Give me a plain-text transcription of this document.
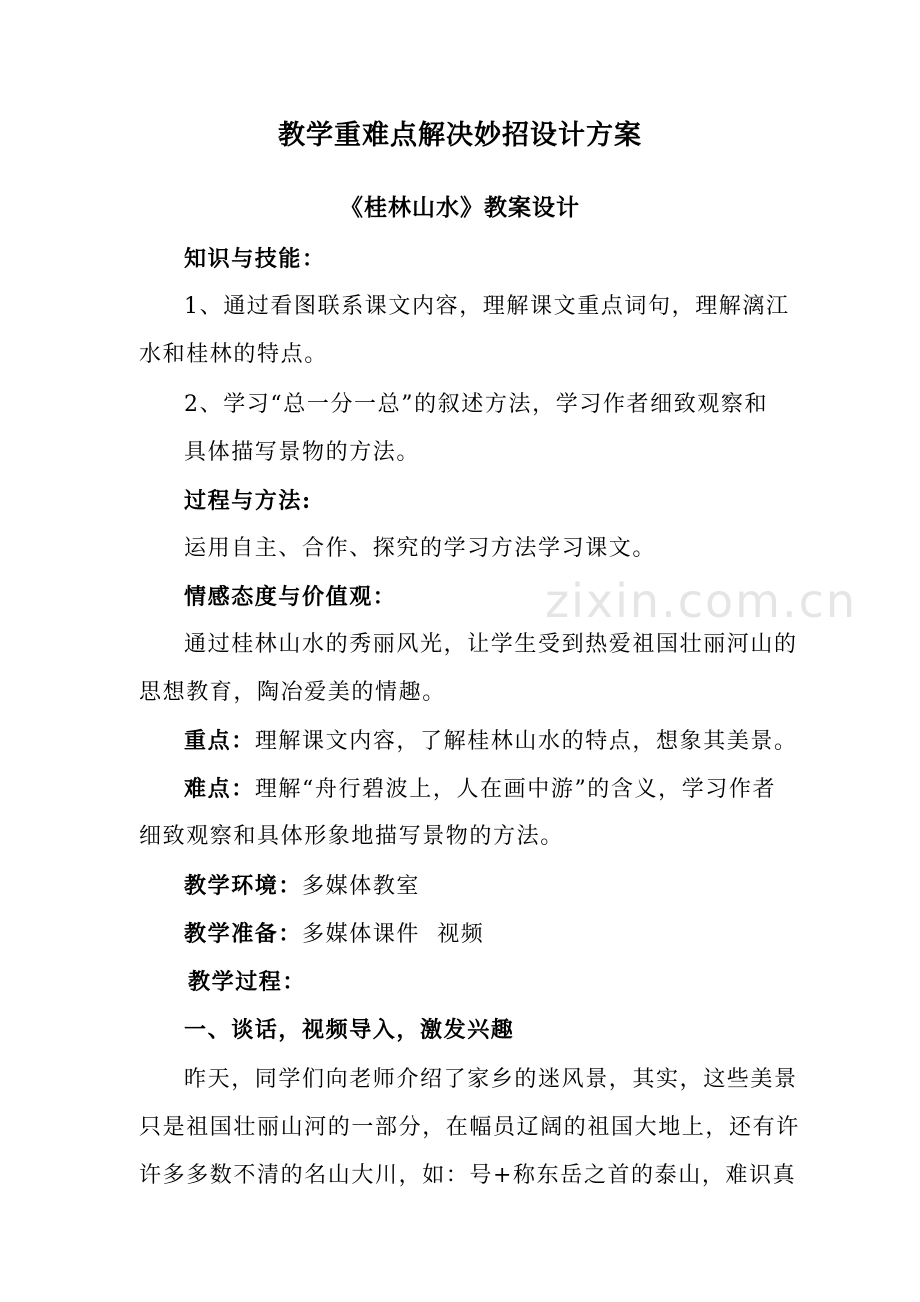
教学重难点解决妙招设计方案
《桂林山水》教案设计
知识与技能：
1、通过看图联系课文内容，理解课文重点词句，理解漓江
水和桂林的特点。
2、学习“总一分一总”的叙述方法，学习作者细致观察和
具体描写景物的方法。
过程与方法:
运用自主、合作、探究的学习方法学习课文。
情感态度与价值观：
通过桂林山水的秀丽风光，让学生受到热爱祖国壮丽河山的
思想教育，陶冶爱美的情趣。
重点：理解课文内容，了解桂林山水的特点，想象其美景。
难点：理解“舟行碧波上，人在画中游”的含义，学习作者
细致观察和具体形象地描写景物的方法。
教学环境：多媒体教室
教学准备：多媒体课件  视频
教学过程：
一、谈话，视频导入，激发兴趣
昨天，同学们向老师介绍了家乡的迷风景，其实，这些美景
只是祖国壮丽山河的一部分，在幅员辽阔的祖国大地上，还有许
许多多数不清的名山大川，如：号+称东岳之首的泰山，难识真
zixin.com.cn
